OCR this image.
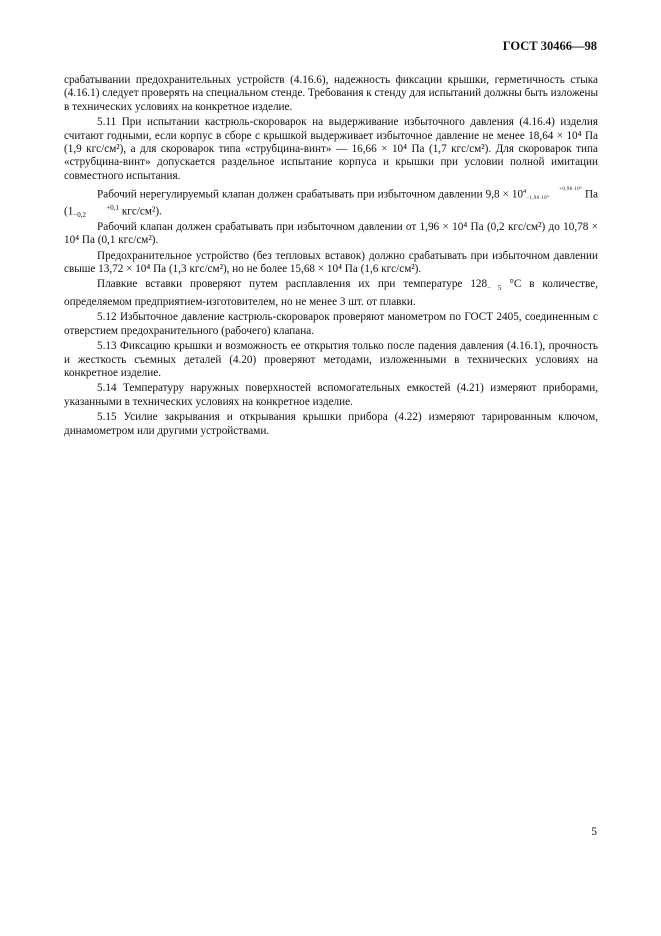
ГОСТ 30466—98

срабатывании предохранительных устройств (4.16.6), надежность фиксации крышки, герметичность стыка (4.16.1) следует проверять на специальном стенде. Требования к стенду для испытаний должны быть изложены в технических условиях на конкретное изделие.

5.11 При испытании кастрюль-скороварок на выдерживание избыточного давления (4.16.4) изделия считают годными, если корпус в сборе с крышкой выдерживает избыточное давление не менее 18,64 × 10⁴ Па (1,9 кгс/см²), а для скороварок типа «струбцина-винт» — 16,66 × 10⁴ Па (1,7 кгс/см²). Для скороварок типа «струбцина-винт» допускается раздельное испытание корпуса и крышки при условии полной имитации совместного испытания.

Рабочий нерегулируемый клапан должен срабатывать при избыточном давлении $9,8 \times 10^4$	$^{+0,98\cdot 10^4}$
$^{-1,96\cdot 10^4}$	Па (1	+0,1
−0,2	кгс/см²).

Рабочий клапан должен срабатывать при избыточном давлении от 1,96 × 10⁴ Па (0,2 кгс/см²) до 10,78 × 10⁴ Па (0,1 кгс/см²).

Предохранительное устройство (без тепловых вставок) должно срабатывать при избыточном давлении свыше 13,72 × 10⁴ Па (1,3 кгс/см²), но не более 15,68 × 10⁴ Па (1,6 кгс/см²).

Плавкие вставки проверяют путем расплавления их при температуре $128_{- 5}$ °С в количестве, определяемом предприятием-изготовителем, но не менее 3 шт. от плавки.

5.12 Избыточное давление кастрюль-скороварок проверяют манометром по ГОСТ 2405, соединенным с отверстием предохранительного (рабочего) клапана.

5.13 Фиксацию крышки и возможность ее открытия только после падения давления (4.16.1), прочность и жесткость съемных деталей (4.20) проверяют методами, изложенными в технических условиях на конкретное изделие.

5.14 Температуру наружных поверхностей вспомогательных емкостей (4.21) измеряют приборами, указанными в технических условиях на конкретное изделие.

5.15 Усилие закрывания и открывания крышки прибора (4.22) измеряют тарированным ключом, динамометром или другими устройствами.

5
